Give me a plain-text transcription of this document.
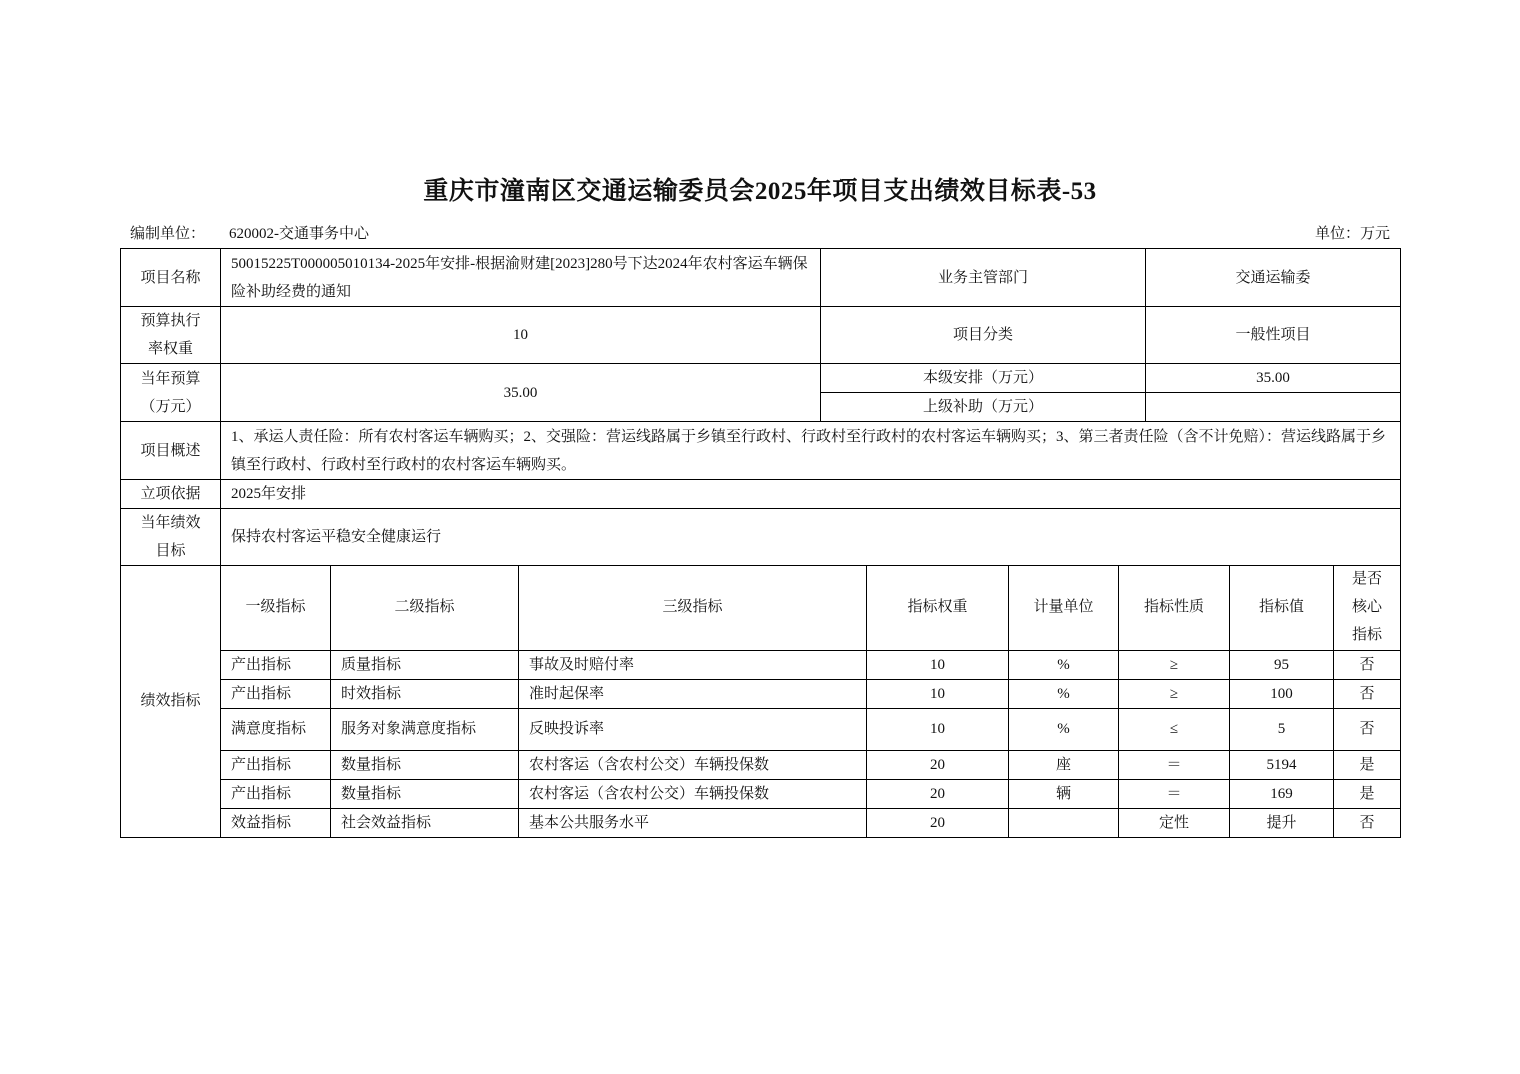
重庆市潼南区交通运输委员会2025年项目支出绩效目标表-53
编制单位： 620002-交通事务中心	单位：万元
项目名称	50015225T000005010134-2025年安排-根据渝财建[2023]280号下达2024年农村客运车辆保险补助经费的通知	业务主管部门	交通运输委
预算执行率权重	10	项目分类	一般性项目
当年预算（万元）	35.00	本级安排（万元）	35.00
		上级补助（万元）	
项目概述	1、承运人责任险：所有农村客运车辆购买；2、交强险：营运线路属于乡镇至行政村、行政村至行政村的农村客运车辆购买；3、第三者责任险（含不计免赔）：营运线路属于乡镇至行政村、行政村至行政村的农村客运车辆购买。		
立项依据	2025年安排		
当年绩效目标	保持农村客运平稳安全健康运行		
绩效指标	一级指标	二级指标	三级指标	指标权重	计量单位	指标性质	指标值	是否核心指标
	产出指标	质量指标	事故及时赔付率	10	%	≥	95	否
	产出指标	时效指标	准时起保率	10	%	≥	100	否
	满意度指标	服务对象满意度指标	反映投诉率	10	%	≤	5	否
	产出指标	数量指标	农村客运（含农村公交）车辆投保数	20	座	＝	5194	是
	产出指标	数量指标	农村客运（含农村公交）车辆投保数	20	辆	＝	169	是
	效益指标	社会效益指标	基本公共服务水平	20		定性	提升	否
